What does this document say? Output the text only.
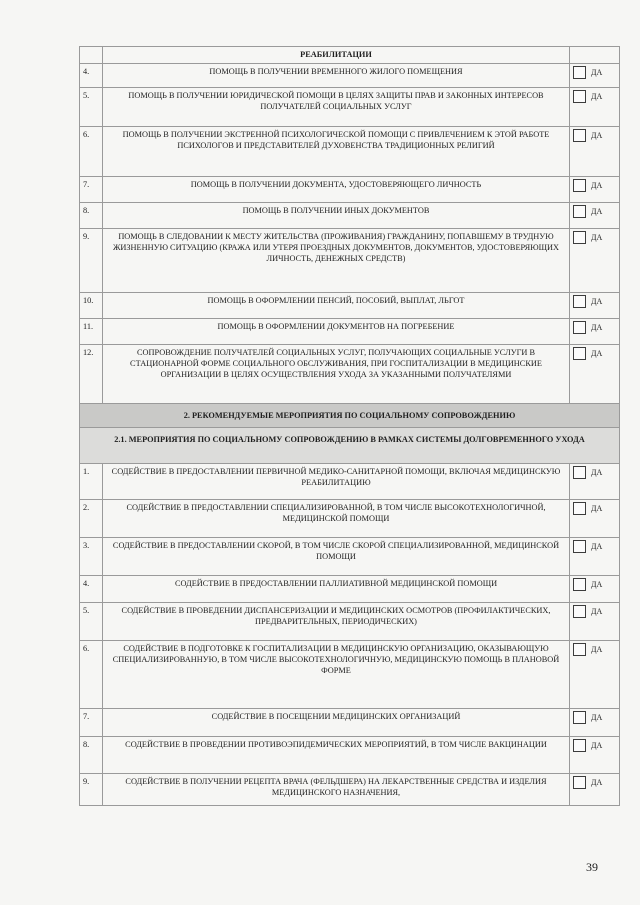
	РЕАБИЛИТАЦИИ	
4.	ПОМОЩЬ В ПОЛУЧЕНИИ ВРЕМЕННОГО ЖИЛОГО ПОМЕЩЕНИЯ	ДА
5.	ПОМОЩЬ В ПОЛУЧЕНИИ ЮРИДИЧЕСКОЙ ПОМОЩИ В ЦЕЛЯХ ЗАЩИТЫ ПРАВ И ЗАКОННЫХ ИНТЕРЕСОВ ПОЛУЧАТЕЛЕЙ СОЦИАЛЬНЫХ УСЛУГ	ДА
6.	ПОМОЩЬ В ПОЛУЧЕНИИ ЭКСТРЕННОЙ ПСИХОЛОГИЧЕСКОЙ ПОМОЩИ С ПРИВЛЕЧЕНИЕМ К ЭТОЙ РАБОТЕ ПСИХОЛОГОВ И ПРЕДСТАВИТЕЛЕЙ ДУХОВЕНСТВА ТРАДИЦИОННЫХ РЕЛИГИЙ	ДА
7.	ПОМОЩЬ В ПОЛУЧЕНИИ ДОКУМЕНТА, УДОСТОВЕРЯЮЩЕГО ЛИЧНОСТЬ	ДА
8.	ПОМОЩЬ В ПОЛУЧЕНИИ ИНЫХ ДОКУМЕНТОВ	ДА
9.	ПОМОЩЬ В СЛЕДОВАНИИ К МЕСТУ ЖИТЕЛЬСТВА (ПРОЖИВАНИЯ) ГРАЖДАНИНУ, ПОПАВШЕМУ В ТРУДНУЮ ЖИЗНЕННУЮ СИТУАЦИЮ (КРАЖА ИЛИ УТЕРЯ ПРОЕЗДНЫХ ДОКУМЕНТОВ, ДОКУМЕНТОВ, УДОСТОВЕРЯЮЩИХ ЛИЧНОСТЬ, ДЕНЕЖНЫХ СРЕДСТВ)	ДА
10.	ПОМОЩЬ В ОФОРМЛЕНИИ ПЕНСИЙ, ПОСОБИЙ, ВЫПЛАТ, ЛЬГОТ	ДА
11.	ПОМОЩЬ В ОФОРМЛЕНИИ ДОКУМЕНТОВ НА ПОГРЕБЕНИЕ	ДА
12.	СОПРОВОЖДЕНИЕ ПОЛУЧАТЕЛЕЙ СОЦИАЛЬНЫХ УСЛУГ, ПОЛУЧАЮЩИХ СОЦИАЛЬНЫЕ УСЛУГИ В СТАЦИОНАРНОЙ ФОРМЕ СОЦИАЛЬНОГО ОБСЛУЖИВАНИЯ, ПРИ ГОСПИТАЛИЗАЦИИ В МЕДИЦИНСКИЕ ОРГАНИЗАЦИИ В ЦЕЛЯХ ОСУЩЕСТВЛЕНИЯ УХОДА ЗА УКАЗАННЫМИ ПОЛУЧАТЕЛЯМИ	ДА
2. РЕКОМЕНДУЕМЫЕ МЕРОПРИЯТИЯ ПО СОЦИАЛЬНОМУ СОПРОВОЖДЕНИЮ		
2.1. МЕРОПРИЯТИЯ ПО СОЦИАЛЬНОМУ СОПРОВОЖДЕНИЮ В РАМКАХ СИСТЕМЫ ДОЛГОВРЕМЕННОГО УХОДА		
1.	СОДЕЙСТВИЕ В ПРЕДОСТАВЛЕНИИ ПЕРВИЧНОЙ МЕДИКО-САНИТАРНОЙ ПОМОЩИ, ВКЛЮЧАЯ МЕДИЦИНСКУЮ РЕАБИЛИТАЦИЮ	ДА
2.	СОДЕЙСТВИЕ В ПРЕДОСТАВЛЕНИИ СПЕЦИАЛИЗИРОВАННОЙ, В ТОМ ЧИСЛЕ ВЫСОКОТЕХНОЛОГИЧНОЙ, МЕДИЦИНСКОЙ ПОМОЩИ	ДА
3.	СОДЕЙСТВИЕ В ПРЕДОСТАВЛЕНИИ СКОРОЙ, В ТОМ ЧИСЛЕ СКОРОЙ СПЕЦИАЛИЗИРОВАННОЙ, МЕДИЦИНСКОЙ ПОМОЩИ	ДА
4.	СОДЕЙСТВИЕ В ПРЕДОСТАВЛЕНИИ ПАЛЛИАТИВНОЙ МЕДИЦИНСКОЙ ПОМОЩИ	ДА
5.	СОДЕЙСТВИЕ В ПРОВЕДЕНИИ ДИСПАНСЕРИЗАЦИИ И МЕДИЦИНСКИХ ОСМОТРОВ (ПРОФИЛАКТИЧЕСКИХ, ПРЕДВАРИТЕЛЬНЫХ, ПЕРИОДИЧЕСКИХ)	ДА
6.	СОДЕЙСТВИЕ В ПОДГОТОВКЕ К ГОСПИТАЛИЗАЦИИ В МЕДИЦИНСКУЮ ОРГАНИЗАЦИЮ, ОКАЗЫВАЮЩУЮ СПЕЦИАЛИЗИРОВАННУЮ, В ТОМ ЧИСЛЕ ВЫСОКОТЕХНОЛОГИЧНУЮ, МЕДИЦИНСКУЮ ПОМОЩЬ В ПЛАНОВОЙ ФОРМЕ	ДА
7.	СОДЕЙСТВИЕ В ПОСЕЩЕНИИ МЕДИЦИНСКИХ ОРГАНИЗАЦИЙ	ДА
8.	СОДЕЙСТВИЕ В ПРОВЕДЕНИИ ПРОТИВОЭПИДЕМИЧЕСКИХ МЕРОПРИЯТИЙ, В ТОМ ЧИСЛЕ ВАКЦИНАЦИИ	ДА
9.	СОДЕЙСТВИЕ В ПОЛУЧЕНИИ РЕЦЕПТА ВРАЧА (ФЕЛЬДШЕРА) НА ЛЕКАРСТВЕННЫЕ СРЕДСТВА И ИЗДЕЛИЯ МЕДИЦИНСКОГО НАЗНАЧЕНИЯ,	ДА
39
